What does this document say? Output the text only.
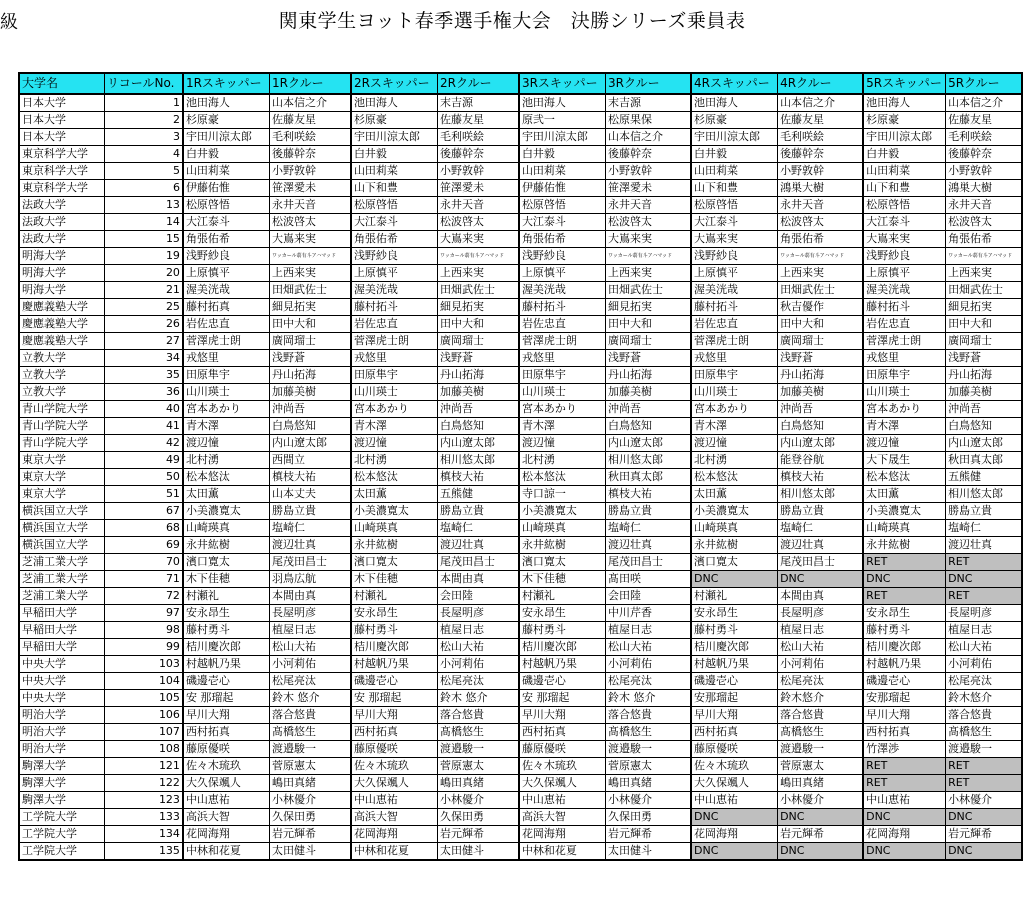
級	関東学生ヨット春季選手権大会　決勝シリーズ乗員表
大学名	リコールNo.	1Rスキッパー	1Rクルー	2Rスキッパー	2Rクルー	3Rスキッパー	3Rクルー	4Rスキッパー	4Rクルー	5Rスキッパー	5Rクルー
日本大学	1	池田海人	山本信之介	池田海人	末吉源	池田海人	末吉源	池田海人	山本信之介	池田海人	山本信之介
日本大学	2	杉原豪	佐藤友星	杉原豪	佐藤友星	原弐一	松原果保	杉原豪	佐藤友星	杉原豪	佐藤友星
日本大学	3	宇田川涼太郎	毛利咲絵	宇田川涼太郎	毛利咲絵	宇田川涼太郎	山本信之介	宇田川涼太郎	毛利咲絵	宇田川涼太郎	毛利咲絵
東京科学大学	4	白井毅	後藤幹奈	白井毅	後藤幹奈	白井毅	後藤幹奈	白井毅	後藤幹奈	白井毅	後藤幹奈
東京科学大学	5	山田莉菜	小野敦幹	山田莉菜	小野敦幹	山田莉菜	小野敦幹	山田莉菜	小野敦幹	山田莉菜	小野敦幹
東京科学大学	6	伊藤佑惟	笹澤愛未	山下和豊	笹澤愛未	伊藤佑惟	笹澤愛未	山下和豊	鴻巣大樹	山下和豊	鴻巣大樹
法政大学	13	松原啓悟	永井天音	松原啓悟	永井天音	松原啓悟	永井天音	松原啓悟	永井天音	松原啓悟	永井天音
法政大学	14	大江泰斗	松波啓太	大江泰斗	松波啓太	大江泰斗	松波啓太	大江泰斗	松波啓太	大江泰斗	松波啓太
法政大学	15	角張佑希	大嶌来実	角張佑希	大嶌来実	角張佑希	大嶌来実	大嶌来実	角張佑希	大嶌来実	角張佑希
明海大学	19	浅野紗良	ワッカール蒻有斗アハマッド	浅野紗良	ワッカール蒻有斗アハマッド	浅野紗良	ワッカール蒻有斗アハマッド	浅野紗良	ワッカール蒻有斗アハマッド	浅野紗良	ワッカール蒻有斗アハマッド
明海大学	20	上原慎平	上西来実	上原慎平	上西来実	上原慎平	上西来実	上原慎平	上西来実	上原慎平	上西来実
明海大学	21	渥美洸哉	田畑武佐士	渥美洸哉	田畑武佐士	渥美洸哉	田畑武佐士	渥美洸哉	田畑武佐士	渥美洸哉	田畑武佐士
慶應義塾大学	25	藤村拓真	細見拓実	藤村拓斗	細見拓実	藤村拓斗	細見拓実	藤村拓斗	秋吉優作	藤村拓斗	細見拓実
慶應義塾大学	26	岩佐忠直	田中大和	岩佐忠直	田中大和	岩佐忠直	田中大和	岩佐忠直	田中大和	岩佐忠直	田中大和
慶應義塾大学	27	菅澤虎士朗	廣岡瑠士	菅澤虎士朗	廣岡瑠士	菅澤虎士朗	廣岡瑠士	菅澤虎士朗	廣岡瑠士	菅澤虎士朗	廣岡瑠士
立教大学	34	戎悠里	浅野蒼	戎悠里	浅野蒼	戎悠里	浅野蒼	戎悠里	浅野蒼	戎悠里	浅野蒼
立教大学	35	田原隼宇	丹山拓海	田原隼宇	丹山拓海	田原隼宇	丹山拓海	田原隼宇	丹山拓海	田原隼宇	丹山拓海
立教大学	36	山川瑛士	加藤美樹	山川瑛士	加藤美樹	山川瑛士	加藤美樹	山川瑛士	加藤美樹	山川瑛士	加藤美樹
青山学院大学	40	宮本あかり	沖尚吾	宮本あかり	沖尚吾	宮本あかり	沖尚吾	宮本あかり	沖尚吾	宮本あかり	沖尚吾
青山学院大学	41	青木澤	白鳥悠知	青木澤	白鳥悠知	青木澤	白鳥悠知	青木澤	白鳥悠知	青木澤	白鳥悠知
青山学院大学	42	渡辺憧	内山遼太郎	渡辺憧	内山遼太郎	渡辺憧	内山遼太郎	渡辺憧	内山遼太郎	渡辺憧	内山遼太郎
東京大学	49	北村湧	西間立	北村湧	相川悠太郎	北村湧	相川悠太郎	北村湧	能登谷航	大下晟生	秋田真太郎
東京大学	50	松本悠汰	槙枝大祐	松本悠汰	槙枝大祐	松本悠汰	秋田真太郎	松本悠汰	槙枝大祐	松本悠汰	五熊健
東京大学	51	太田薫	山本丈夫	太田薫	五熊健	寺口諒一	槙枝大祐	太田薫	相川悠太郎	太田薫	相川悠太郎
横浜国立大学	67	小美濃寛太	勝島立貴	小美濃寛太	勝島立貴	小美濃寛太	勝島立貴	小美濃寛太	勝島立貴	小美濃寛太	勝島立貴
横浜国立大学	68	山崎瑛真	塩崎仁	山崎瑛真	塩崎仁	山崎瑛真	塩崎仁	山崎瑛真	塩崎仁	山崎瑛真	塩崎仁
横浜国立大学	69	永井紘樹	渡辺壮真	永井紘樹	渡辺壮真	永井紘樹	渡辺壮真	永井紘樹	渡辺壮真	永井紘樹	渡辺壮真
芝浦工業大学	70	濱口寛太	尾茂田昌士	濱口寛太	尾茂田昌士	濱口寛太	尾茂田昌士	濱口寛太	尾茂田昌士	RET	RET
芝浦工業大学	71	木下佳穂	羽鳥広航	木下佳穂	本間由真	木下佳穂	髙田咲	DNC	DNC	DNC	DNC
芝浦工業大学	72	村瀬礼	本間由真	村瀬礼	会田陸	村瀬礼	会田陸	村瀬礼	本間由真	RET	RET
早稲田大学	97	安永昂生	長屋明彦	安永昂生	長屋明彦	安永昂生	中川芹香	安永昂生	長屋明彦	安永昂生	長屋明彦
早稲田大学	98	藤村勇斗	植屋日志	藤村勇斗	植屋日志	藤村勇斗	植屋日志	藤村勇斗	植屋日志	藤村勇斗	植屋日志
早稲田大学	99	桔川慶次郎	松山大祐	桔川慶次郎	松山大祐	桔川慶次郎	松山大祐	桔川慶次郎	松山大祐	桔川慶次郎	松山大祐
中央大学	103	村越帆乃果	小河莉佑	村越帆乃果	小河莉佑	村越帆乃果	小河莉佑	村越帆乃果	小河莉佑	村越帆乃果	小河莉佑
中央大学	104	磯邊壱心	松尾亮汰	磯邊壱心	松尾亮汰	磯邊壱心	松尾亮汰	磯邊壱心	松尾亮汰	磯邊壱心	松尾亮汰
中央大学	105	安 那瑠起	鈴木 悠介	安 那瑠起	鈴木 悠介	安 那瑠起	鈴木 悠介	安那瑠起	鈴木悠介	安那瑠起	鈴木悠介
明治大学	106	早川大翔	落合悠貴	早川大翔	落合悠貴	早川大翔	落合悠貴	早川大翔	落合悠貴	早川大翔	落合悠貴
明治大学	107	西村拓真	髙橋悠生	西村拓真	髙橋悠生	西村拓真	髙橋悠生	西村拓真	髙橋悠生	西村拓真	髙橋悠生
明治大学	108	藤原優咲	渡邉駿一	藤原優咲	渡邉駿一	藤原優咲	渡邉駿一	藤原優咲	渡邉駿一	竹澤渉	渡邉駿一
駒澤大学	121	佐々木琉玖	菅原憲太	佐々木琉玖	菅原憲太	佐々木琉玖	菅原憲太	佐々木琉玖	菅原憲太	RET	RET
駒澤大学	122	大久保颯人	嶋田真緒	大久保颯人	嶋田真緒	大久保颯人	嶋田真緒	大久保颯人	嶋田真緒	RET	RET
駒澤大学	123	中山恵祐	小林優介	中山恵祐	小林優介	中山恵祐	小林優介	中山恵祐	小林優介	中山恵祐	小林優介
工学院大学	133	高浜大智	久保田勇	高浜大智	久保田勇	高浜大智	久保田勇	DNC	DNC	DNC	DNC
工学院大学	134	花岡海翔	岩元輝希	花岡海翔	岩元輝希	花岡海翔	岩元輝希	花岡海翔	岩元輝希	花岡海翔	岩元輝希
工学院大学	135	中林和花夏	太田健斗	中林和花夏	太田健斗	中林和花夏	太田健斗	DNC	DNC	DNC	DNC
